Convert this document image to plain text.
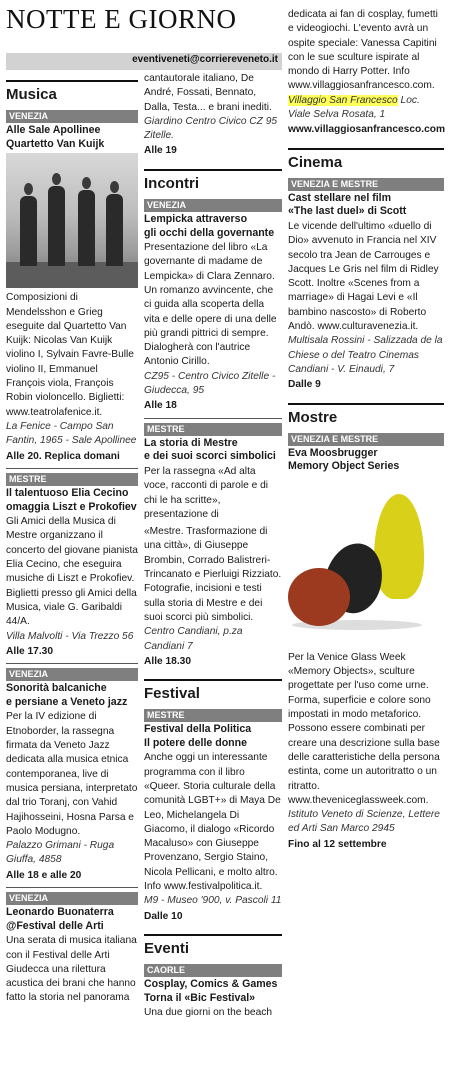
NOTTE E GIORNO
eventiveneti@corriereveneto.it
Musica
VENEZIA
Alle Sale Apollinee
Quartetto Van Kuijk
Composizioni di Mendelsshon e Grieg eseguite dal Quartetto Van Kuijk: Nicolas Van Kuijk violino I, Sylvain Favre-Bulle violino II, Emmanuel François viola, François Robin violoncello. Biglietti: www.teatrolafenice.it.
La Fenice - Campo San Fantin, 1965 - Sale Apollinee
Alle 20. Replica domani
MESTRE
Il talentuoso Elia Cecino
omaggia Liszt e Prokofiev
Gli Amici della Musica di Mestre organizzano il concerto del giovane pianista Elia Cecino, che eseguira musiche di Liszt e Prokofiev. Biglietti presso gli Amici della Musica, viale G. Garibaldi 44/A.
Villa Malvolti - Via Trezzo 56
Alle 17.30
VENEZIA
Sonorità balcaniche
e persiane a Veneto jazz
Per la IV edizione di Etnoborder, la rassegna firmata da Veneto Jazz dedicata alla musica etnica contemporanea, live di musica persiana, interpretato dal trio Toranj, con Vahid Hajihosseini, Hosna Parsa e Paolo Modugno.
Palazzo Grimani - Ruga Giuffa, 4858
Alle 18 e alle 20
VENEZIA
Leonardo Buonaterra
@Festival delle Arti
Una serata di musica italiana con il Festival delle Arti Giudecca una rilettura acustica dei brani che hanno fatto la storia nel panorama
cantautorale italiano, De André, Fossati, Bennato, Dalla, Testa... e brani inediti.
Giardino Centro Civico CZ 95 Zitelle.
Alle 19
Incontri
VENEZIA
Lempicka attraverso
gli occhi della governante
Presentazione del libro «La governante di madame de Lempicka» di Clara Zennaro. Un romanzo avvincente, che ci guida alla scoperta della vita e delle opere di una delle più grandi pittrici di sempre. Dialogherà con l'autrice Antonio Cirillo.
CZ95 - Centro Civico Zitelle - Giudecca, 95
Alle 18
MESTRE
La storia di Mestre
e dei suoi scorci simbolici
Per la rassegna «Ad alta voce, racconti di parole e di chi le ha scritte», presentazione di
«Mestre. Trasformazione di una città», di Giuseppe Brombin, Corrado Balistreri-Trincanato e Pierluigi Rizziato. Fotografie, incisioni e testi sulla storia di Mestre e dei suoi scorci più simbolici.
Centro Candiani, p.za Candiani 7
Alle 18.30
Festival
MESTRE
Festival della Politica
Il potere delle donne
Anche oggi un interessante programma con il libro «Queer. Storia culturale della comunità LGBT+» di Maya De Leo, Michelangela Di Giacomo, il dialogo «Ricordo Macaluso» con Giuseppe Provenzano, Sergio Staino, Nicola Pellicani, e molto altro. Info www.festivalpolitica.it.
M9 - Museo '900, v. Pascoli 11
Dalle 10
Eventi
CAORLE
Cosplay, Comics & Games
Torna il «Bic Festival»
Una due giorni on the beach
dedicata ai fan di cosplay, fumetti e videogiochi. L'evento avrà un ospite speciale: Vanessa Capitini con le sue sculture ispirate al mondo di Harry Potter. Info www.villaggiosanfrancesco.com.
Villaggio San Francesco Loc. Viale Selva Rosata, 1
www.villaggiosanfrancesco.com
Cinema
VENEZIA E MESTRE
Cast stellare nel film
«The last duel» di Scott
Le vicende dell'ultimo «duello di Dio» avvenuto in Francia nel XIV secolo tra Jean de Carrouges e Jacques Le Gris nel film di Ridley Scott. Inoltre «Scenes from a marriage» di Hagai Levi e «Il bambino nascosto» di Roberto Andò. www.culturavenezia.it.
Multisala Rossini - Salizzada de la Chiese o del Teatro Cinemas Candiani - V. Einaudi, 7
Dalle 9
Mostre
VENEZIA E MESTRE
Eva Moosbrugger
Memory Object Series
Per la Venice Glass Week «Memory Objects», sculture progettate per l'uso come urne. Forma, superficie e colore sono impostati in modo metaforico. Possono essere combinati per creare una descrizione sulla base delle caratteristiche della persona estinta, come un autoritratto o un ritratto. www.theveniceglassweek.com.
Istituto Veneto di Scienze, Lettere ed Arti San Marco 2945
Fino al 12 settembre
